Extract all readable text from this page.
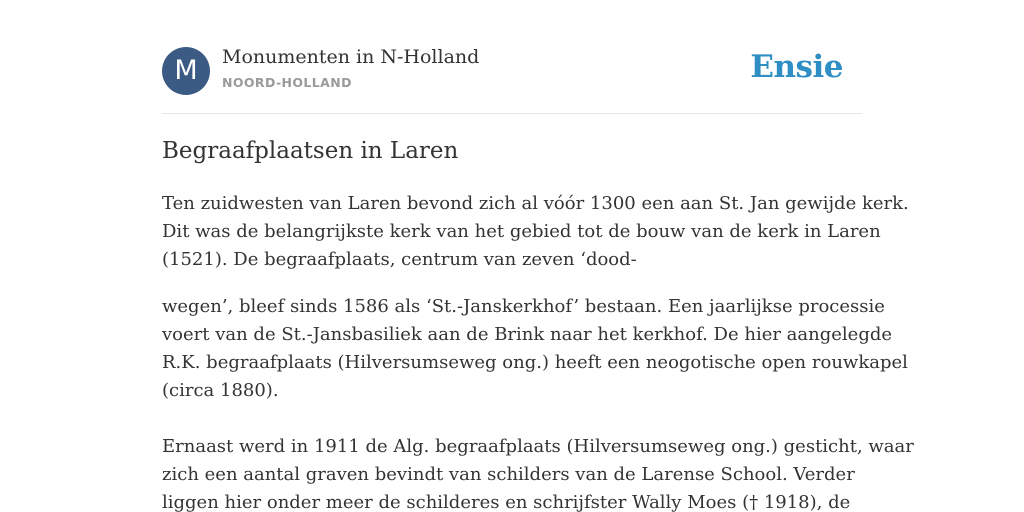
M	Monumenten in N-Holland
NOORD-HOLLAND	Ensie
Begraafplaatsen in Laren

Ten zuidwesten van Laren bevond zich al vóór 1300 een aan St. Jan gewijde kerk.
Dit was de belangrijkste kerk van het gebied tot de bouw van de kerk in Laren
(1521). De begraafplaats, centrum van zeven ‘dood-

wegen’, bleef sinds 1586 als ‘St.-Janskerkhof’ bestaan. Een jaarlijkse processie
voert van de St.-Jansbasiliek aan de Brink naar het kerkhof. De hier aangelegde
R.K. begraafplaats (Hilversumseweg ong.) heeft een neogotische open rouwkapel
(circa 1880).

Ernaast werd in 1911 de Alg. begraafplaats (Hilversumseweg ong.) gesticht, waar
zich een aantal graven bevindt van schilders van de Larense School. Verder
liggen hier onder meer de schilderes en schrijfster Wally Moes († 1918), de
